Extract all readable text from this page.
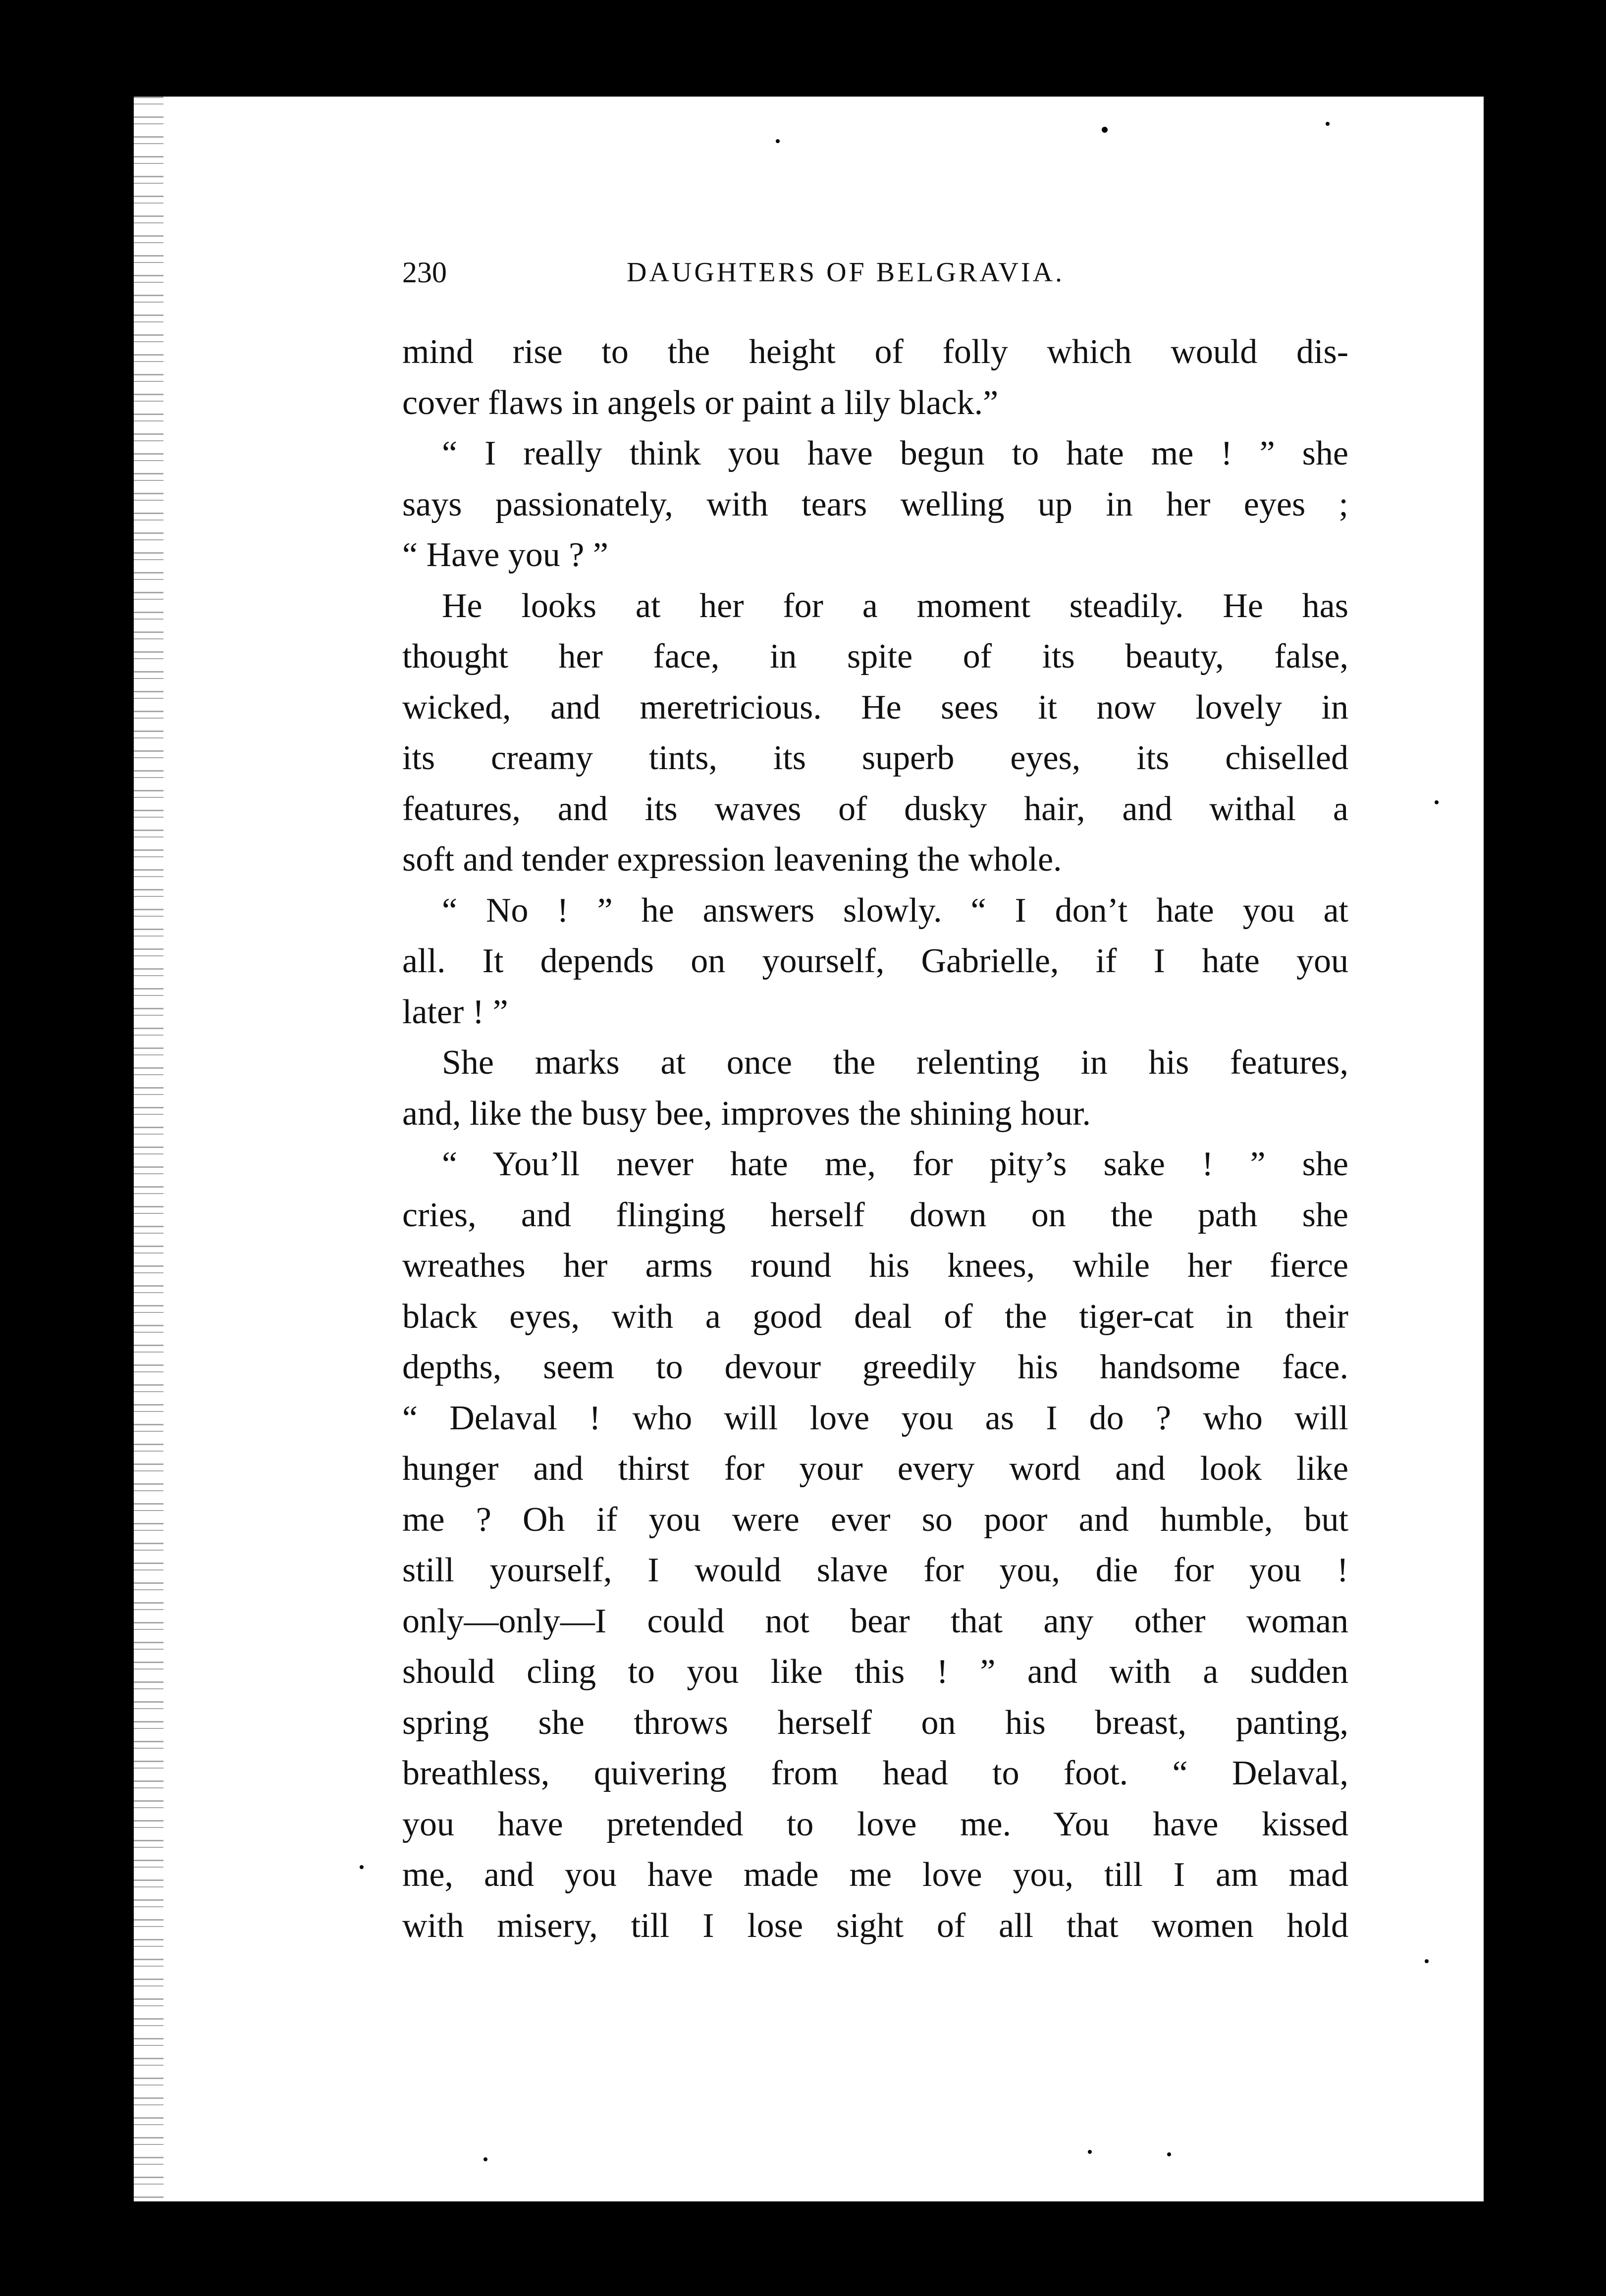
230	DAUGHTERS OF BELGRAVIA.
mind rise to the height of folly which would dis-
cover flaws in angels or paint a lily black.”
“ I really think you have begun to hate me ! ” she
says passionately, with tears welling up in her eyes ;
“ Have you ? ”
He looks at her for a moment steadily. He has
thought her face, in spite of its beauty, false,
wicked, and meretricious. He sees it now lovely in
its creamy tints, its superb eyes, its chiselled
features, and its waves of dusky hair, and withal a
soft and tender expression leavening the whole.
“ No ! ” he answers slowly. “ I don’t hate you at
all. It depends on yourself, Gabrielle, if I hate you
later ! ”
She marks at once the relenting in his features,
and, like the busy bee, improves the shining hour.
“ You’ll never hate me, for pity’s sake ! ” she
cries, and flinging herself down on the path she
wreathes her arms round his knees, while her fierce
black eyes, with a good deal of the tiger-cat in their
depths, seem to devour greedily his handsome face.
“ Delaval ! who will love you as I do ? who will
hunger and thirst for your every word and look like
me ? Oh if you were ever so poor and humble, but
still yourself, I would slave for you, die for you !
only—only—I could not bear that any other woman
should cling to you like this ! ” and with a sudden
spring she throws herself on his breast, panting,
breathless, quivering from head to foot. “ Delaval,
you have pretended to love me. You have kissed
me, and you have made me love you, till I am mad
with misery, till I lose sight of all that women hold
